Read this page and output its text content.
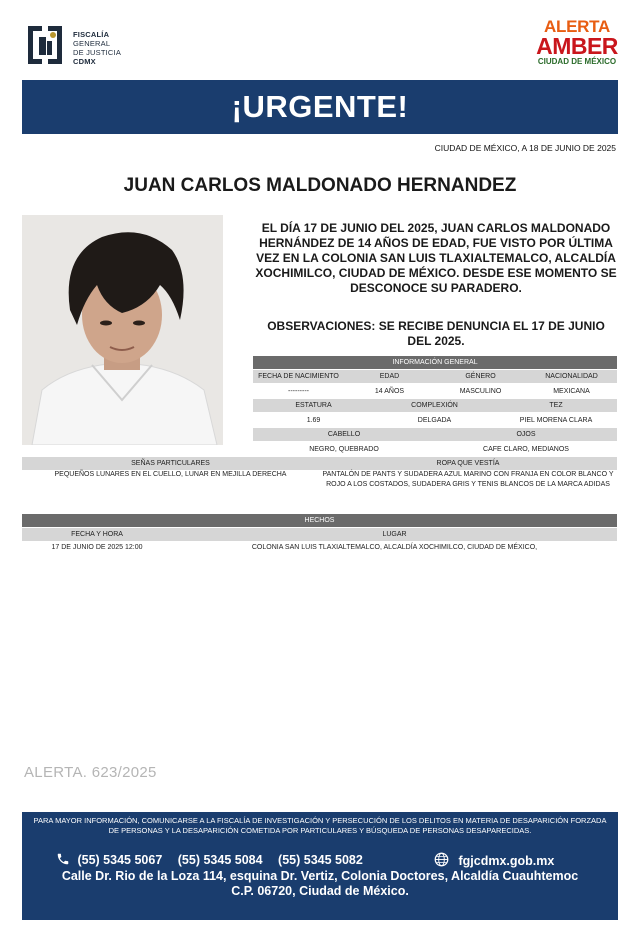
FISCALÍA
GENERAL
DE JUSTICIA
CDMX
ALERTA
AMBER
CIUDAD DE MÉXICO
¡URGENTE!
CIUDAD DE MÉXICO, A 18 DE JUNIO DE 2025
JUAN CARLOS MALDONADO HERNANDEZ
EL DÍA 17 DE JUNIO DEL 2025, JUAN CARLOS MALDONADO HERNÁNDEZ DE 14 AÑOS DE EDAD, FUE VISTO POR ÚLTIMA VEZ EN LA COLONIA SAN LUIS TLAXIALTEMALCO, ALCALDÍA XOCHIMILCO, CIUDAD DE MÉXICO. DESDE ESE MOMENTO SE DESCONOCE SU PARADERO.
OBSERVACIONES: SE RECIBE DENUNCIA EL 17 DE JUNIO DEL 2025.
INFORMACIÓN GENERAL
FECHA DE NACIMIENTO	EDAD	GÉNERO	NACIONALIDAD
---------	14 AÑOS	MASCULINO	MEXICANA
ESTATURA	COMPLEXIÓN	TEZ
1.69	DELGADA	PIEL MORENA CLARA
CABELLO	OJOS
NEGRO, QUEBRADO	CAFE CLARO, MEDIANOS
SEÑAS PARTICULARES	ROPA QUE VESTÍA
PEQUEÑOS LUNARES EN EL CUELLO, LUNAR EN MEJILLA DERECHA	PANTALÓN DE PANTS Y SUDADERA AZUL MARINO CON FRANJA EN COLOR BLANCO Y ROJO A LOS COSTADOS, SUDADERA GRIS Y TENIS BLANCOS DE LA MARCA ADIDAS
HECHOS
FECHA Y HORA	LUGAR
17 DE JUNIO DE 2025 12:00	COLONIA SAN LUIS TLAXIALTEMALCO, ALCALDÍA XOCHIMILCO, CIUDAD DE MÉXICO,
ALERTA. 623/2025
PARA MAYOR INFORMACIÓN, COMUNICARSE A LA FISCALÍA DE INVESTIGACIÓN Y PERSECUCIÓN DE LOS DELITOS EN MATERIA DE DESAPARICIÓN FORZADA DE PERSONAS Y LA DESAPARICIÓN COMETIDA POR PARTICULARES Y BÚSQUEDA DE PERSONAS DESAPARECIDAS.
(55) 5345 5067 (55) 5345 5084 (55) 5345 5082	fgjcdmx.gob.mx
Calle Dr. Rio de la Loza 114, esquina Dr. Vertiz, Colonia Doctores, Alcaldía Cuauhtemoc
C.P. 06720, Ciudad de México.
